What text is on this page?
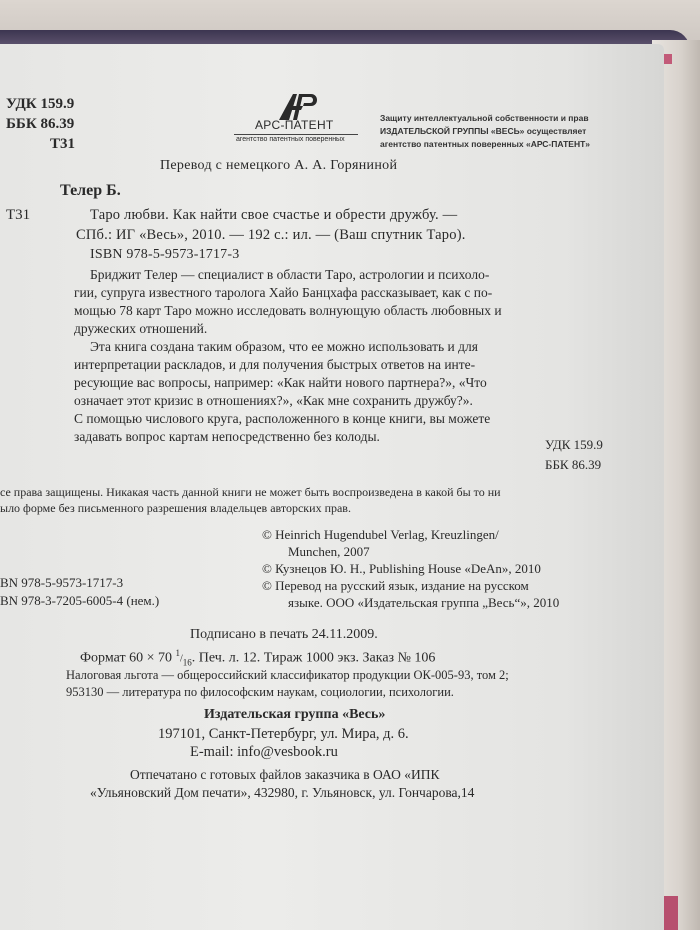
УДК 159.9
ББК 86.39
Т31
АРС-ПАТЕНТ
агентство патентных поверенных
Защиту интеллектуальной собственности и прав
ИЗДАТЕЛЬСКОЙ ГРУППЫ «ВЕСЬ» осуществляет
агентство патентных поверенных «АРС-ПАТЕНТ»
Перевод с немецкого А. А. Горяниной
Телер Б.
Т31	Таро любви. Как найти свое счастье и обрести дружбу. —
СПб.: ИГ «Весь», 2010. — 192 с.: ил. — (Ваш спутник Таро).
ISBN 978-5-9573-1717-3
Бриджит Телер — специалист в области Таро, астрологии и психоло-
гии, супруга известного таролога Хайо Банцхафа рассказывает, как с по-
мощью 78 карт Таро можно исследовать волнующую область любовных и
дружеских отношений.
Эта книга создана таким образом, что ее можно использовать и для
интерпретации раскладов, и для получения быстрых ответов на инте-
ресующие вас вопросы, например: «Как найти нового партнера?», «Что
означает этот кризис в отношениях?», «Как мне сохранить дружбу?».
С помощью числового круга, расположенного в конце книги, вы можете
задавать вопрос картам непосредственно без колоды.
УДК 159.9
ББК 86.39
се права защищены. Никакая часть данной книги не может быть воспроизведена в какой бы то ни
ыло форме без письменного разрешения владельцев авторских прав.
BN 978-5-9573-1717-3
BN 978-3-7205-6005-4 (нем.)
© Heinrich Hugendubel Verlag, Kreuzlingen/
Munchen, 2007
© Кузнецов Ю. Н., Publishing House «DeAn», 2010
© Перевод на русский язык, издание на русском
языке. ООО «Издательская группа „Весь“», 2010
Подписано в печать 24.11.2009.
Формат 60 × 70 $^1/_{16}$. Печ. л. 12. Тираж 1000 экз. Заказ № 106
Налоговая льгота — общероссийский классификатор продукции ОК-005-93, том 2;
953130 — литература по философским наукам, социологии, психологии.
Издательская группа «Весь»
197101, Санкт-Петербург, ул. Мира, д. 6.
E-mail: info@vesbook.ru
Отпечатано с готовых файлов заказчика в ОАО «ИПК
«Ульяновский Дом печати», 432980, г. Ульяновск, ул. Гончарова,14
